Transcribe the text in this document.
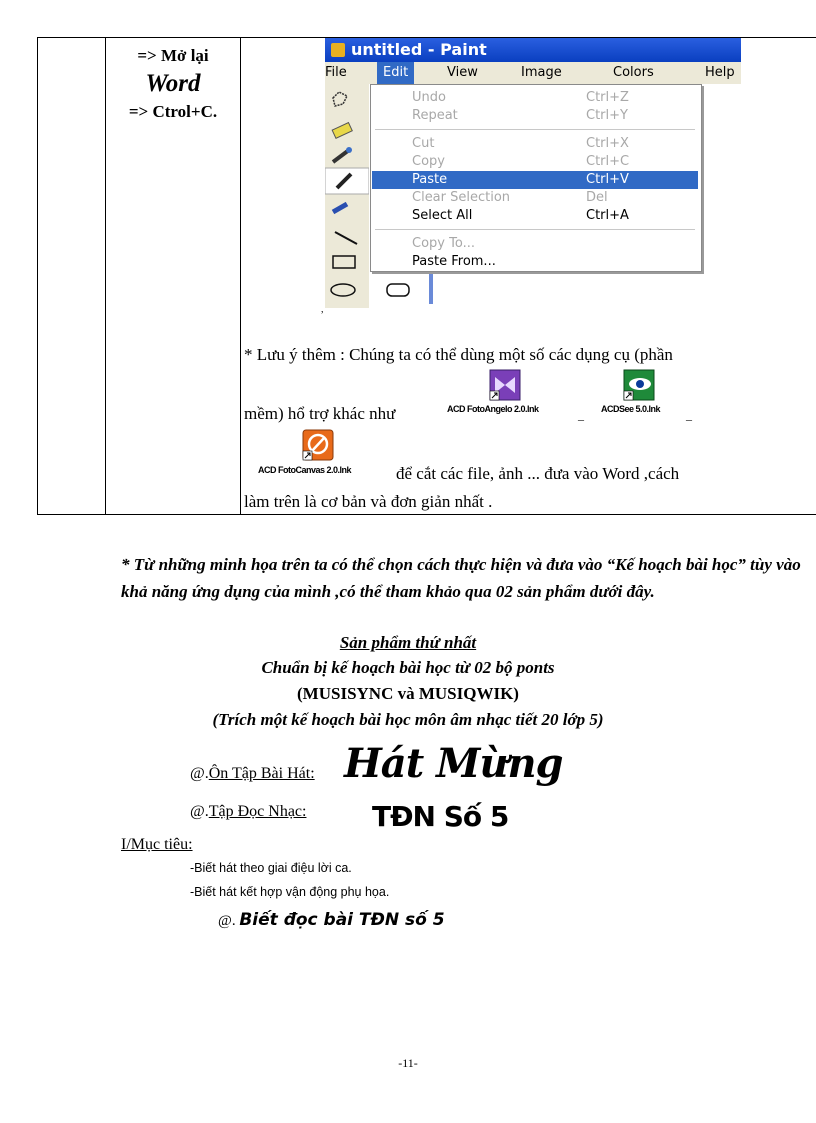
=> Mở lại
Word
=> Ctrol+C.
untitled - Paint
File	Edit	View	Image	Colors	Help
Undo	Ctrl+Z
Repeat	Ctrl+Y
Cut	Ctrl+X
Copy	Ctrl+C
Paste	Ctrl+V
Clear Selection	Del
Select All	Ctrl+A
Copy To...
Paste From...
,
* Lưu ý thêm : Chúng ta có thể dùng một số các dụng cụ (phần
mềm) hổ trợ khác như	ACD FotoAngelo 2.0.lnk	_ ACDSee 5.0.lnk _
ACD FotoCanvas 2.0.lnk	để cắt các file, ảnh ... đưa vào Word ,cách
làm trên là cơ bản và đơn giản nhất .
* Từ những minh họa trên ta có thể chọn cách thực hiện và đưa vào “Kế hoạch bài học” tùy vào khả năng ứng dụng của mình ,có thể tham khảo qua 02 sản phẩm dưới đây.
Sản phẩm thứ nhất
Chuẩn bị kế hoạch bài học từ 02 bộ ponts
(MUSISYNC và MUSIQWIK)
(Trích một kế hoạch bài học môn âm nhạc tiết 20 lớp 5)
@.Ôn Tập Bài Hát: Hát Mừng
@.Tập Đọc Nhạc: TĐN Số 5
I/Mục tiêu:
-Biết hát theo giai điệu lời ca.
-Biết hát kết hợp vận động phụ họa.
@. Biết đọc bài TĐN số 5
-11-
